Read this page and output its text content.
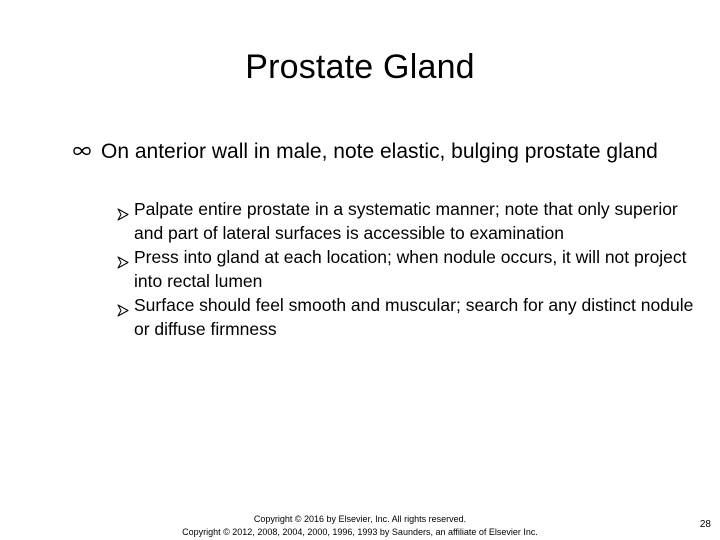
Prostate Gland
On anterior wall in male, note elastic, bulging prostate gland
Palpate entire prostate in a systematic manner; note that only superior and part of lateral surfaces is accessible to examination
Press into gland at each location; when nodule occurs, it will not project into rectal lumen
Surface should feel smooth and muscular; search for any distinct nodule or diffuse firmness
Copyright © 2016 by Elsevier, Inc. All rights reserved.
Copyright © 2012, 2008, 2004, 2000, 1996, 1993 by Saunders, an affiliate of Elsevier Inc.
28
